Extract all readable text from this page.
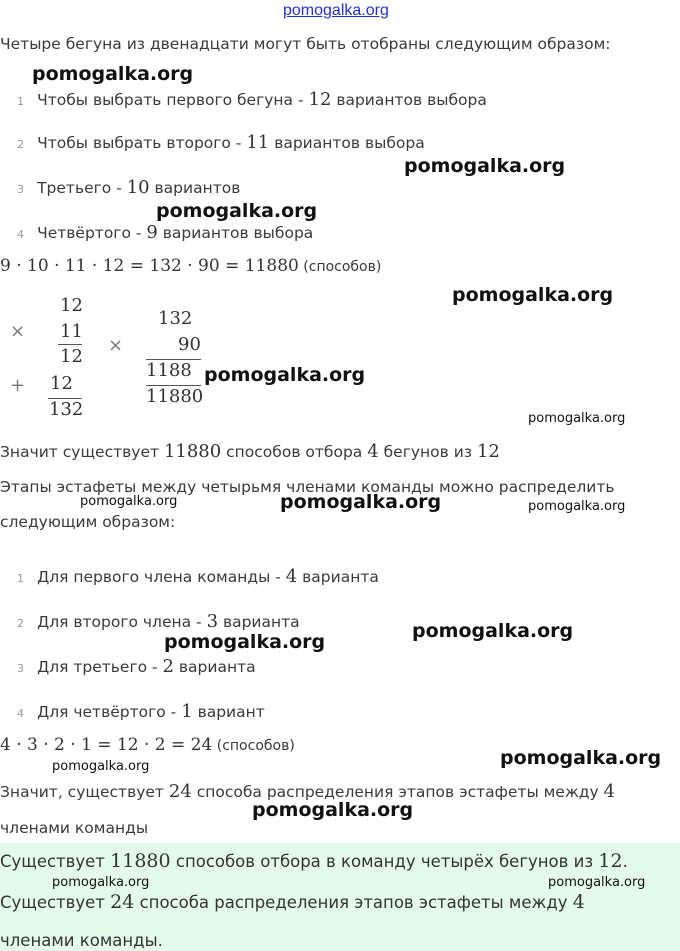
pomogalka.org
Четыре бегуна из двенадцати могут быть отобраны следующим образом:
1 Чтобы выбрать первого бегуна - 12 вариантов выбора
2 Чтобы выбрать второго - 11 вариантов выбора
3 Третьего - 10 вариантов
4 Четвёртого - 9 вариантов выбора
9 · 10 · 11 · 12 = 132 · 90 = 11880 (способов)
×
12
11
12
+ 12
132
×
132
90
1188
11880
Значит существует 11880 способов отбора 4 бегунов из 12
Этапы эстафеты между четырьмя членами команды можно распределить
следующим образом:
1 Для первого члена команды - 4 варианта
2 Для второго члена - 3 варианта
3 Для третьего - 2 варианта
4 Для четвёртого - 1 вариант
4 · 3 · 2 · 1 = 12 · 2 = 24 (способов)
Значит, существует 24 способа распределения этапов эстафеты между 4
членами команды
Существует 11880 способов отбора в команду четырёх бегунов из 12.
Существует 24 способа распределения этапов эстафеты между 4
членами команды.
pomogalka.org
pomogalka.org
pomogalka.org
pomogalka.org
pomogalka.org
pomogalka.org
pomogalka.org	pomogalka.org	pomogalka.org
pomogalka.org
pomogalka.org
pomogalka.org
pomogalka.org
pomogalka.org
pomogalka.org	pomogalka.org
